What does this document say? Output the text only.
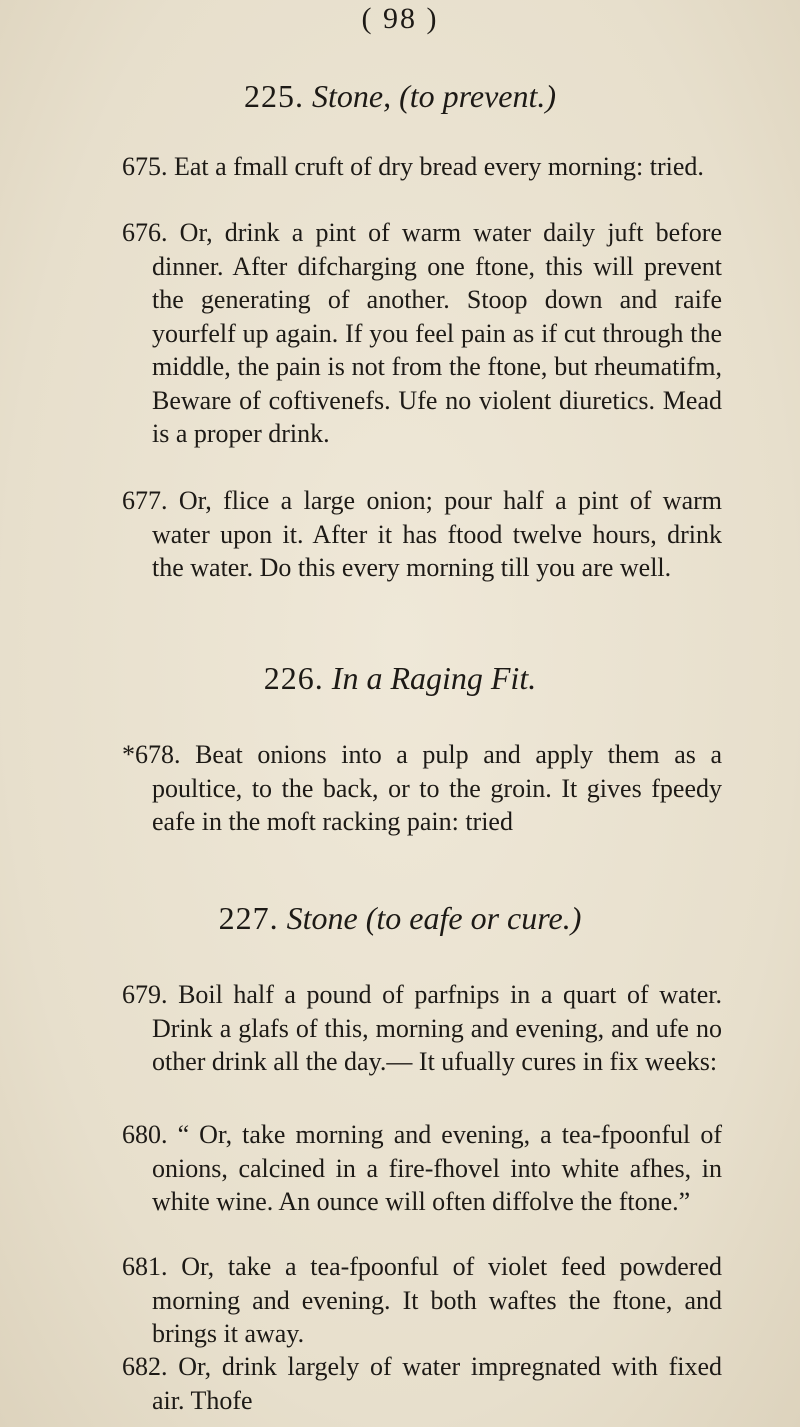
( 98 )
225. Stone, (to prevent.)

675. Eat a fmall cruft of dry bread every morning: tried.

676. Or, drink a pint of warm water daily juft before dinner. After difcharging one ftone, this will prevent the generating of another. Stoop down and raife yourfelf up again. If you feel pain as if cut through the middle, the pain is not from the ftone, but rheumatifm, Beware of coftivenefs. Ufe no violent diuretics. Mead is a proper drink.

677. Or, flice a large onion; pour half a pint of warm water upon it. After it has ftood twelve hours, drink the water. Do this every morning till you are well.

226. In a Raging Fit.

*678. Beat onions into a pulp and apply them as a poultice, to the back, or to the groin. It gives fpeedy eafe in the moft racking pain: tried

227. Stone (to eafe or cure.)

679. Boil half a pound of parfnips in a quart of water. Drink a glafs of this, morning and evening, and ufe no other drink all the day.— It ufually cures in fix weeks:

680. “ Or, take morning and evening, a tea-fpoonful of onions, calcined in a fire-fhovel into white afhes, in white wine. An ounce will often diffolve the ftone.”

681. Or, take a tea-fpoonful of violet feed powdered morning and evening. It both waftes the ftone, and brings it away.

682. Or, drink largely of water impregnated with fixed air. Thofe
